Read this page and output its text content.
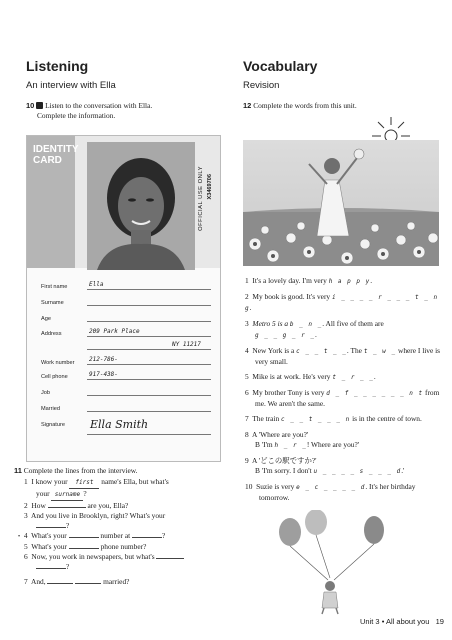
Listening
An interview with Ella
10 Listen to the conversation with Ella.
Complete the information.
IDENTITY
CARD
OFFICIAL USE ONLY X3469706
First name	Ella
Surname
Age
Address	209 Park Place
NY 11217
Work number 212-786-
Cell phone	917-438-
Job
Married
Signature Ella Smith
11 Complete the lines from the interview.
1 I know your first name's Ella, but what's
your surname ?
2 How	are you, Ella?
3 And you live in Brooklyn, right? What's your
?
• 4 What's your	number at	?
5 What's your	phone number?
6 Now, you work in newspapers, but what's
?
7 And,	married?
Vocabulary
Revision
12 Complete the words from this unit.
1 It's a lovely day. I'm very h a p p y.
2 My book is good. It's very i _ _ _ _ r _ _ _ t _ n g.
3 Metro 5 is a b _ n _. All five of them are
g _ _ g _ r _.
4 New York is a c _ _ t _ _. The t _ w _ where I live is
very small.
5 Mike is at work. He's very t _ r _ _.
6 My brother Tony is very d _ f _ _ _ _ _ _ n t from
me. We aren't the same.
7 The train c _ _ t _ _ _ n is in the centre of town.
8 A 'Where are you?'
B 'I'm h _ r _! Where are you?'
9 A 'どこの駅ですか?'
B 'I'm sorry. I don't u _ _ _ _ s _ _ _ d.'
10 Suzie is very e _ c _ _ _ _ d. It's her birthday
tomorrow.
Unit 3 • All about you 19
